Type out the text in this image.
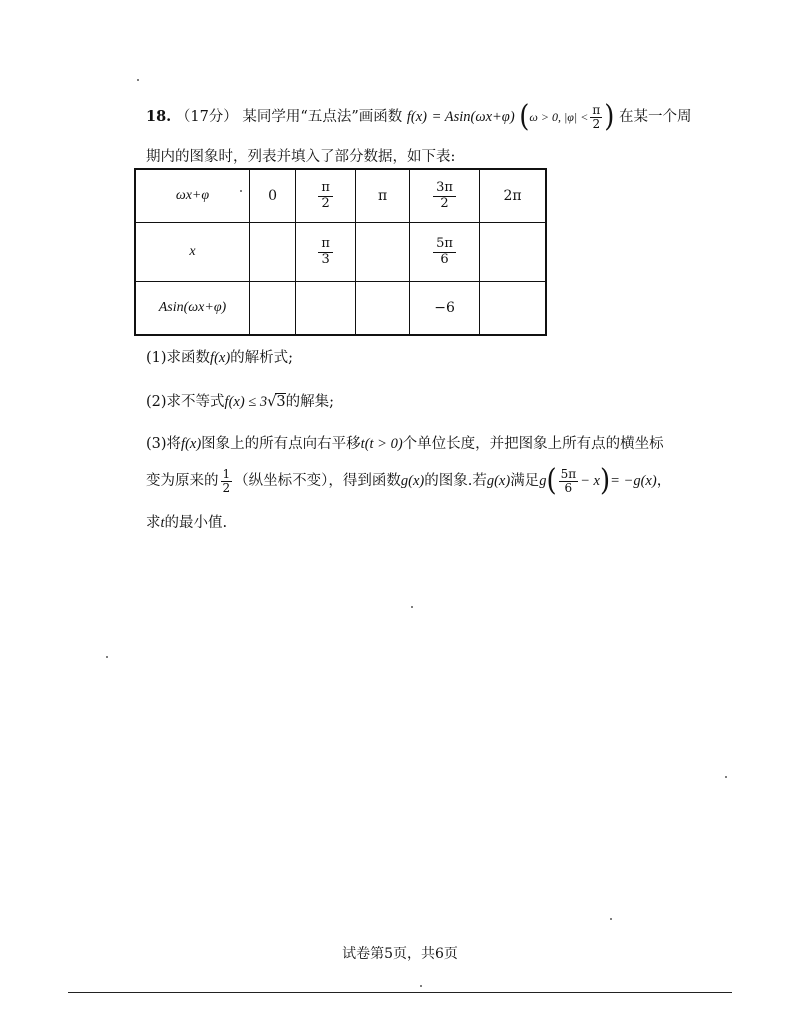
18. （17分） 某同学用“五点法”画函数 f(x) = Asin(ωx+φ) (ω > 0, $|\varphi| < \frac{\pi}{2}$ ) 在某一个周
期内的图象时，列表并填入了部分数据，如下表:
ωx+φ	0	$\frac{\pi}{2}$	π	$\frac{3\pi}{2}$	2π
x		$\frac{\pi}{3}$		$\frac{5\pi}{6}$

Asin(ωx+φ)				−6	
(1)求函数f(x)的解析式;
(2)求不等式f(x) ≤ 3√3的解集;
(3)将f(x)图象上的所有点向右平移t(t > 0)个单位长度，并把图象上所有点的横坐标
变为原来的 $\frac{1}{2}$ （纵坐标不变），得到函数g(x)的图象.若g(x)满足$g( \frac{5\pi}{6} - x)= -g(x)$，
求t的最小值.
试卷第5页，共6页
